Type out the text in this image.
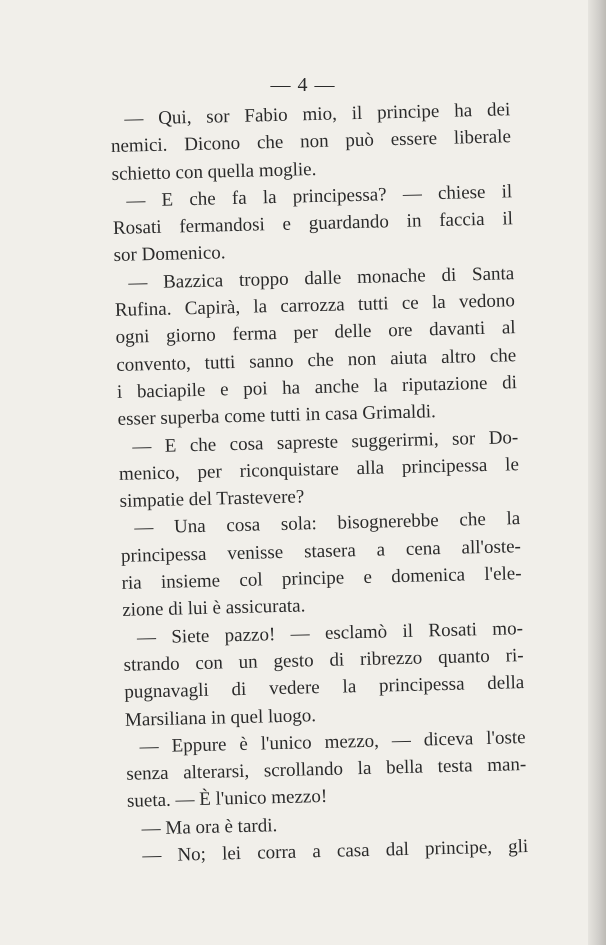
— 4 —
— Qui, sor Fabio mio, il principe ha dei
nemici. Dicono che non può essere liberale
schietto con quella moglie.
— E che fa la principessa? — chiese il
Rosati fermandosi e guardando in faccia il
sor Domenico.
— Bazzica troppo dalle monache di Santa
Rufina. Capirà, la carrozza tutti ce la vedono
ogni giorno ferma per delle ore davanti al
convento, tutti sanno che non aiuta altro che
i baciapile e poi ha anche la riputazione di
esser superba come tutti in casa Grimaldi.
— E che cosa sapreste suggerirmi, sor Do-
menico, per riconquistare alla principessa le
simpatie del Trastevere?
— Una cosa sola: bisognerebbe che la
principessa venisse stasera a cena all'oste-
ria insieme col principe e domenica l'ele-
zione di lui è assicurata.
— Siete pazzo! — esclamò il Rosati mo-
strando con un gesto di ribrezzo quanto ri-
pugnavagli di vedere la principessa della
Marsiliana in quel luogo.
— Eppure è l'unico mezzo, — diceva l'oste
senza alterarsi, scrollando la bella testa man-
sueta. — È l'unico mezzo!
— Ma ora è tardi.
— No; lei corra a casa dal principe, gli
